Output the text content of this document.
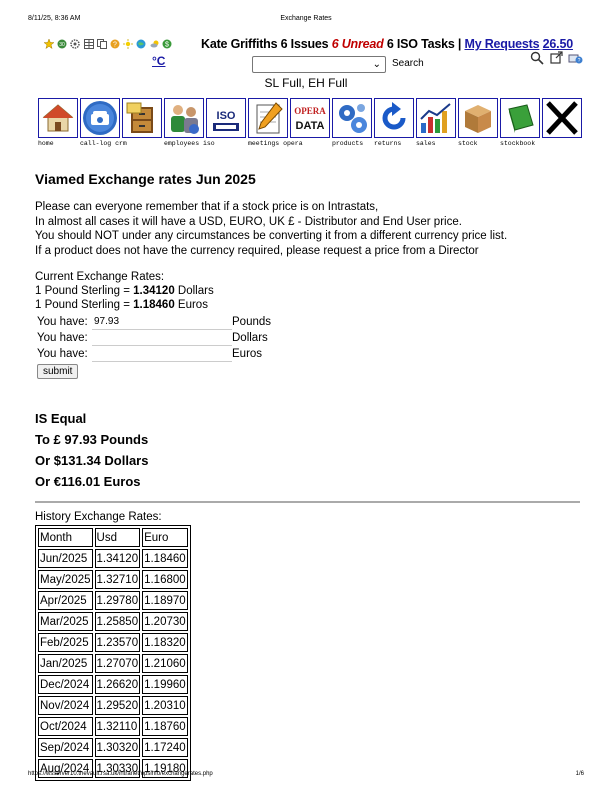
8/11/25, 8:36 AM	Exchange Rates
https://wsserver10.thevault.rsa.uk/intranet/opsinfo/exchangerates.php	1/6
30	?	$	Kate Griffiths 6 Issues 6 Unread 6 ISO Tasks | My Requests 26.50
°C	⌄ Search	?
SL Full, EH Full
home	call-log crm	employees iso
ISO
meetings opera
OPERA
DATA
products	returns	sales	stock	stockbook
Viamed Exchange rates Jun 2025
Please can everyone remember that if a stock price is on Intrastats,
In almost all cases it will have a USD, EURO, UK £ - Distributor and End User price.
You should NOT under any circumstances be converting it from a different currency price list.
If a product does not have the currency required, please request a price from a Director
Current Exchange Rates:
1 Pound Sterling = 1.34120 Dollars
1 Pound Sterling = 1.18460 Euros
You have:
97.93	Pounds
You have:	Dollars
You have:	Euros
submit
IS Equal
To £ 97.93 Pounds
Or $131.34 Dollars
Or €116.01 Euros
History Exchange Rates:
Month	Usd	Euro
Jun/2025	1.34120	1.18460
May/2025	1.32710	1.16800
Apr/2025	1.29780	1.18970
Mar/2025	1.25850	1.20730
Feb/2025	1.23570	1.18320
Jan/2025	1.27070	1.21060
Dec/2024	1.26620	1.19960
Nov/2024	1.29520	1.20310
Oct/2024	1.32110	1.18760
Sep/2024	1.30320	1.17240
Aug/2024	1.30330	1.19180
